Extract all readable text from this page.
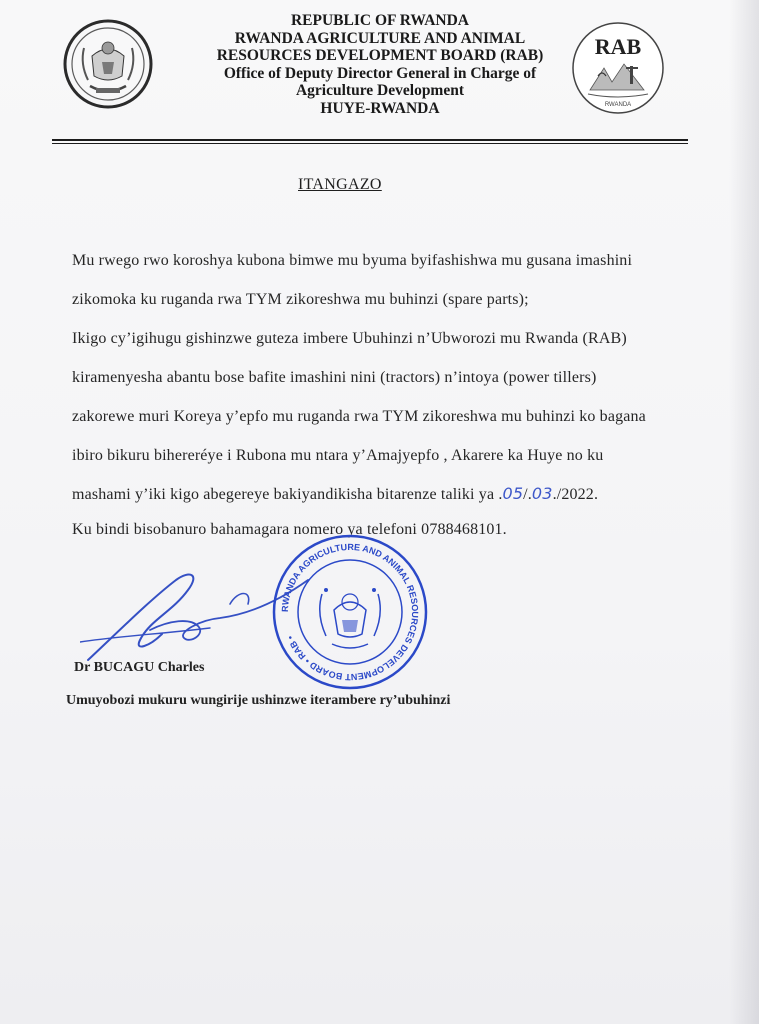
REPUBLIC OF RWANDA
RWANDA AGRICULTURE AND ANIMAL
RESOURCES DEVELOPMENT BOARD (RAB)
Office of Deputy Director General in Charge of
Agriculture Development
HUYE-RWANDA
RAB
RWANDA
ITANGAZO
Mu rwego rwo koroshya kubona bimwe mu byuma byifashishwa mu gusana imashini
zikomoka ku ruganda rwa TYM zikoreshwa mu buhinzi (spare parts);
Ikigo cy’igihugu gishinzwe guteza imbere Ubuhinzi n’Ubworozi mu Rwanda (RAB)
kiramenyesha abantu bose bafite imashini nini (tractors) n’intoya (power tillers)
zakorewe muri Koreya y’epfo mu ruganda rwa TYM zikoreshwa mu buhinzi ko bagana
ibiro bikuru bihereréye i Rubona mu ntara y’Amajyepfo , Akarere ka Huye no ku
mashami y’iki kigo abegereye bakiyandikisha bitarenze taliki ya .05/.03./2022.
Ku bindi bisobanuro bahamagara nomero ya telefoni 0788468101.
RWANDA AGRICULTURE AND ANIMAL RESOURCES DEVELOPMENT BOARD • RAB •
Dr BUCAGU Charles
Umuyobozi mukuru wungirije ushinzwe iterambere ry’ubuhinzi
